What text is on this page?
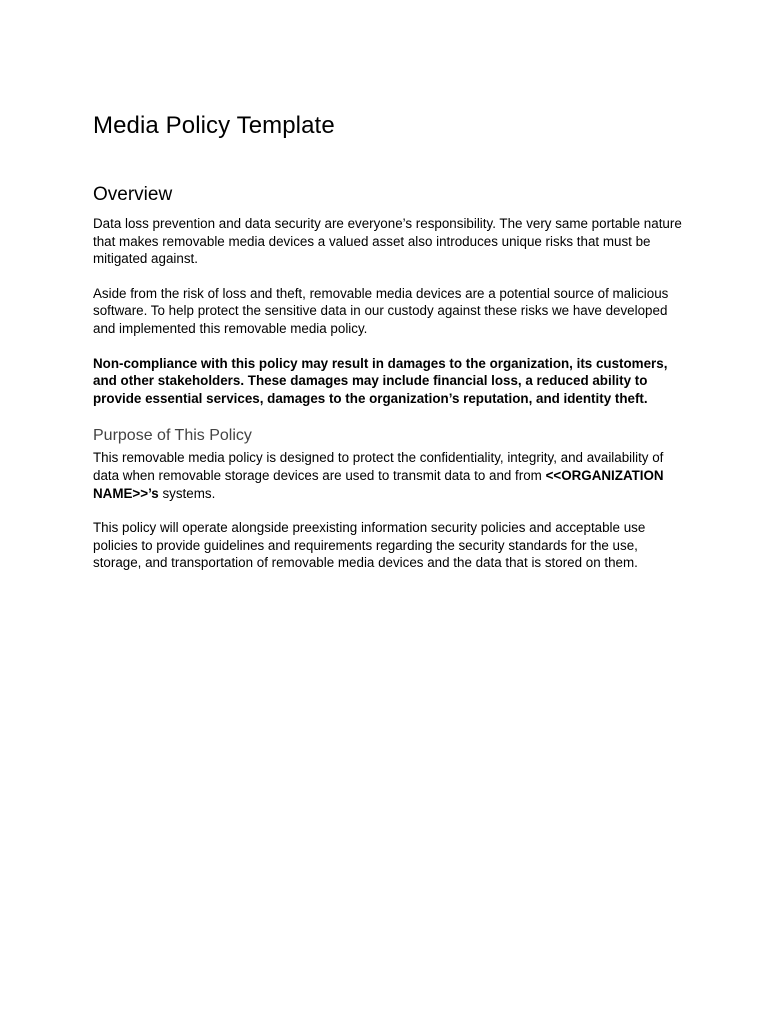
Media Policy Template
Overview

Data loss prevention and data security are everyone’s responsibility. The very same portable nature that makes removable media devices a valued asset also introduces unique risks that must be mitigated against.

Aside from the risk of loss and theft, removable media devices are a potential source of malicious software. To help protect the sensitive data in our custody against these risks we have developed and implemented this removable media policy.

Non-compliance with this policy may result in damages to the organization, its customers, and other stakeholders. These damages may include financial loss, a reduced ability to provide essential services, damages to the organization’s reputation, and identity theft.

Purpose of This Policy

This removable media policy is designed to protect the confidentiality, integrity, and availability of data when removable storage devices are used to transmit data to and from <<ORGANIZATION NAME>>’s systems.

This policy will operate alongside preexisting information security policies and acceptable use policies to provide guidelines and requirements regarding the security standards for the use, storage, and transportation of removable media devices and the data that is stored on them.
